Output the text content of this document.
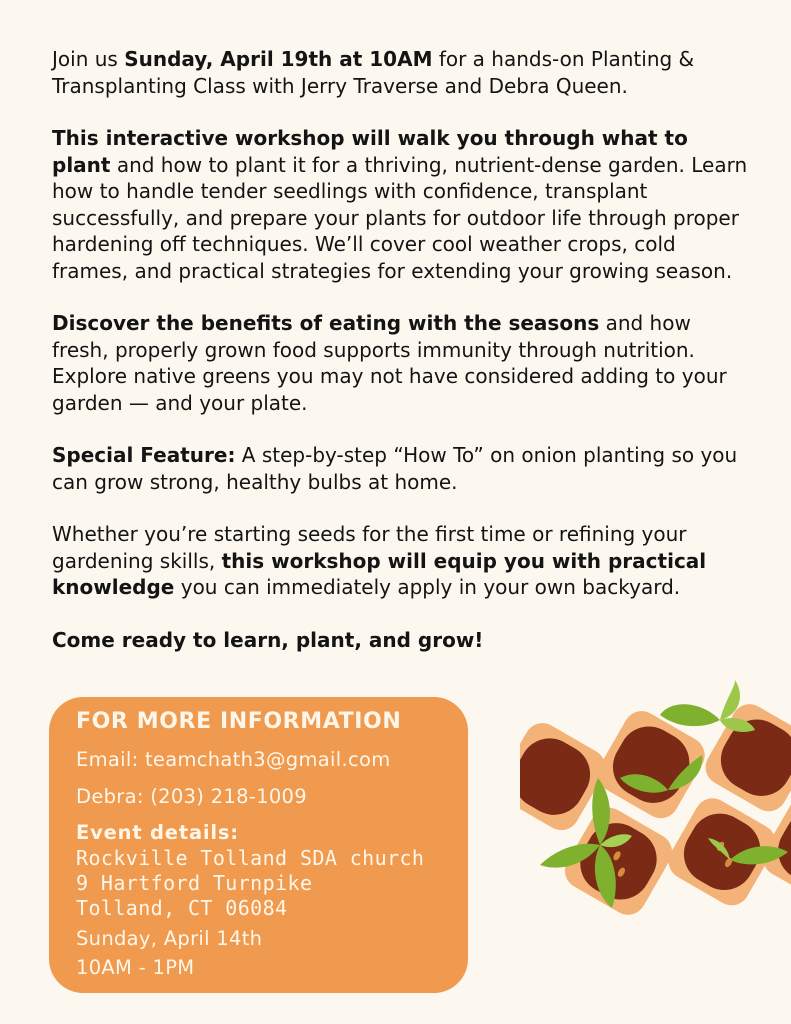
Join us Sunday, April 19th at 10AM for a hands-on Planting & Transplanting Class with Jerry Traverse and Debra Queen.

This interactive workshop will walk you through what to plant and how to plant it for a thriving, nutrient-dense garden. Learn how to handle tender seedlings with confidence, transplant successfully, and prepare your plants for outdoor life through proper hardening off techniques. We’ll cover cool weather crops, cold frames, and practical strategies for extending your growing season.

Discover the benefits of eating with the seasons and how fresh, properly grown food supports immunity through nutrition. Explore native greens you may not have considered adding to your garden — and your plate.

Special Feature: A step-by-step “How To” on onion planting so you can grow strong, healthy bulbs at home.

Whether you’re starting seeds for the first time or refining your gardening skills, this workshop will equip you with practical knowledge you can immediately apply in your own backyard.

Come ready to learn, plant, and grow!

FOR MORE INFORMATION
Email: teamchath3@gmail.com
Debra: (203) 218-1009
Event details:
Rockville Tolland SDA church
9 Hartford Turnpike
Tolland, CT 06084
Sunday, April 14th
10AM - 1PM
